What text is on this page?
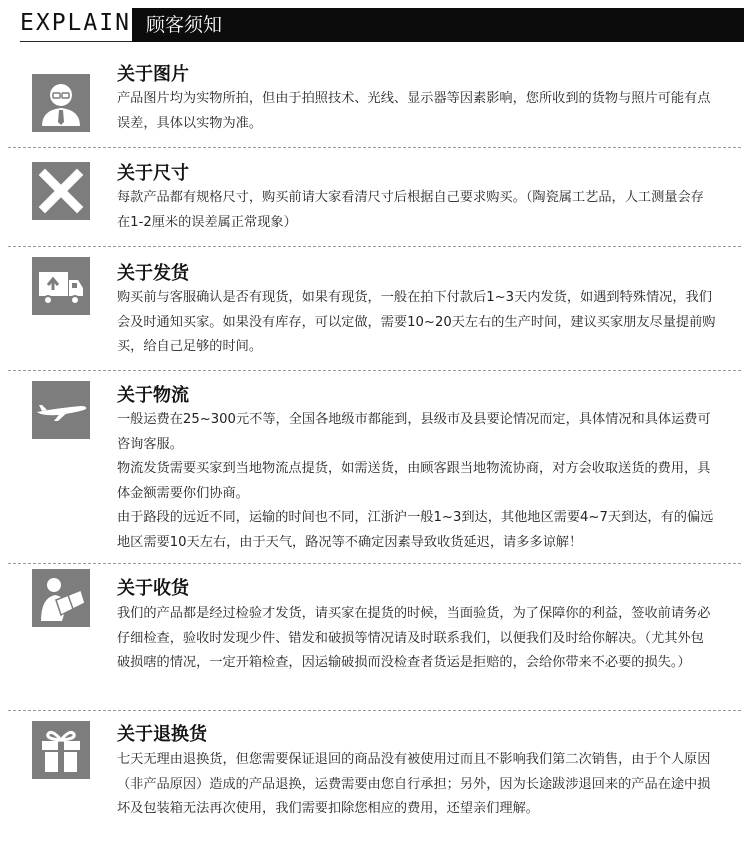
EXPLAIN 顾客须知
关于图片

产品图片均为实物所拍，但由于拍照技术、光线、显示器等因素影响，您所收到的货物与照片可能有点误差，具体以实物为准。

关于尺寸

每款产品都有规格尺寸，购买前请大家看清尺寸后根据自己要求购买。（陶瓷属工艺品，人工测量会存在1-2厘米的误差属正常现象）

关于发货

购买前与客服确认是否有现货，如果有现货，一般在拍下付款后1~3天内发货，如遇到特殊情况，我们会及时通知买家。如果没有库存，可以定做，需要10~20天左右的生产时间，建议买家朋友尽量提前购买，给自己足够的时间。

关于物流

一般运费在25~300元不等，全国各地级市都能到，县级市及县要论情况而定，具体情况和具体运费可咨询客服。

物流发货需要买家到当地物流点提货，如需送货，由顾客跟当地物流协商，对方会收取送货的费用，具体金额需要你们协商。

由于路段的远近不同，运输的时间也不同，江浙沪一般1~3到达，其他地区需要4~7天到达，有的偏远地区需要10天左右，由于天气，路况等不确定因素导致收货延迟，请多多谅解！

关于收货

我们的产品都是经过检验才发货，请买家在提货的时候，当面验货，为了保障你的利益，签收前请务必仔细检查，验收时发现少件、错发和破损等情况请及时联系我们，以便我们及时给你解决。（尤其外包破损嗐的情况，一定开箱检查，因运输破损而没检查者货运是拒赔的，会给你带来不必要的损失。）

关于退换货

七天无理由退换货，但您需要保证退回的商品没有被使用过而且不影响我们第二次销售，由于个人原因（非产品原因）造成的产品退换，运费需要由您自行承担；另外，因为长途跋涉退回来的产品在途中损坏及包装箱无法再次使用，我们需要扣除您相应的费用，还望亲们理解。
